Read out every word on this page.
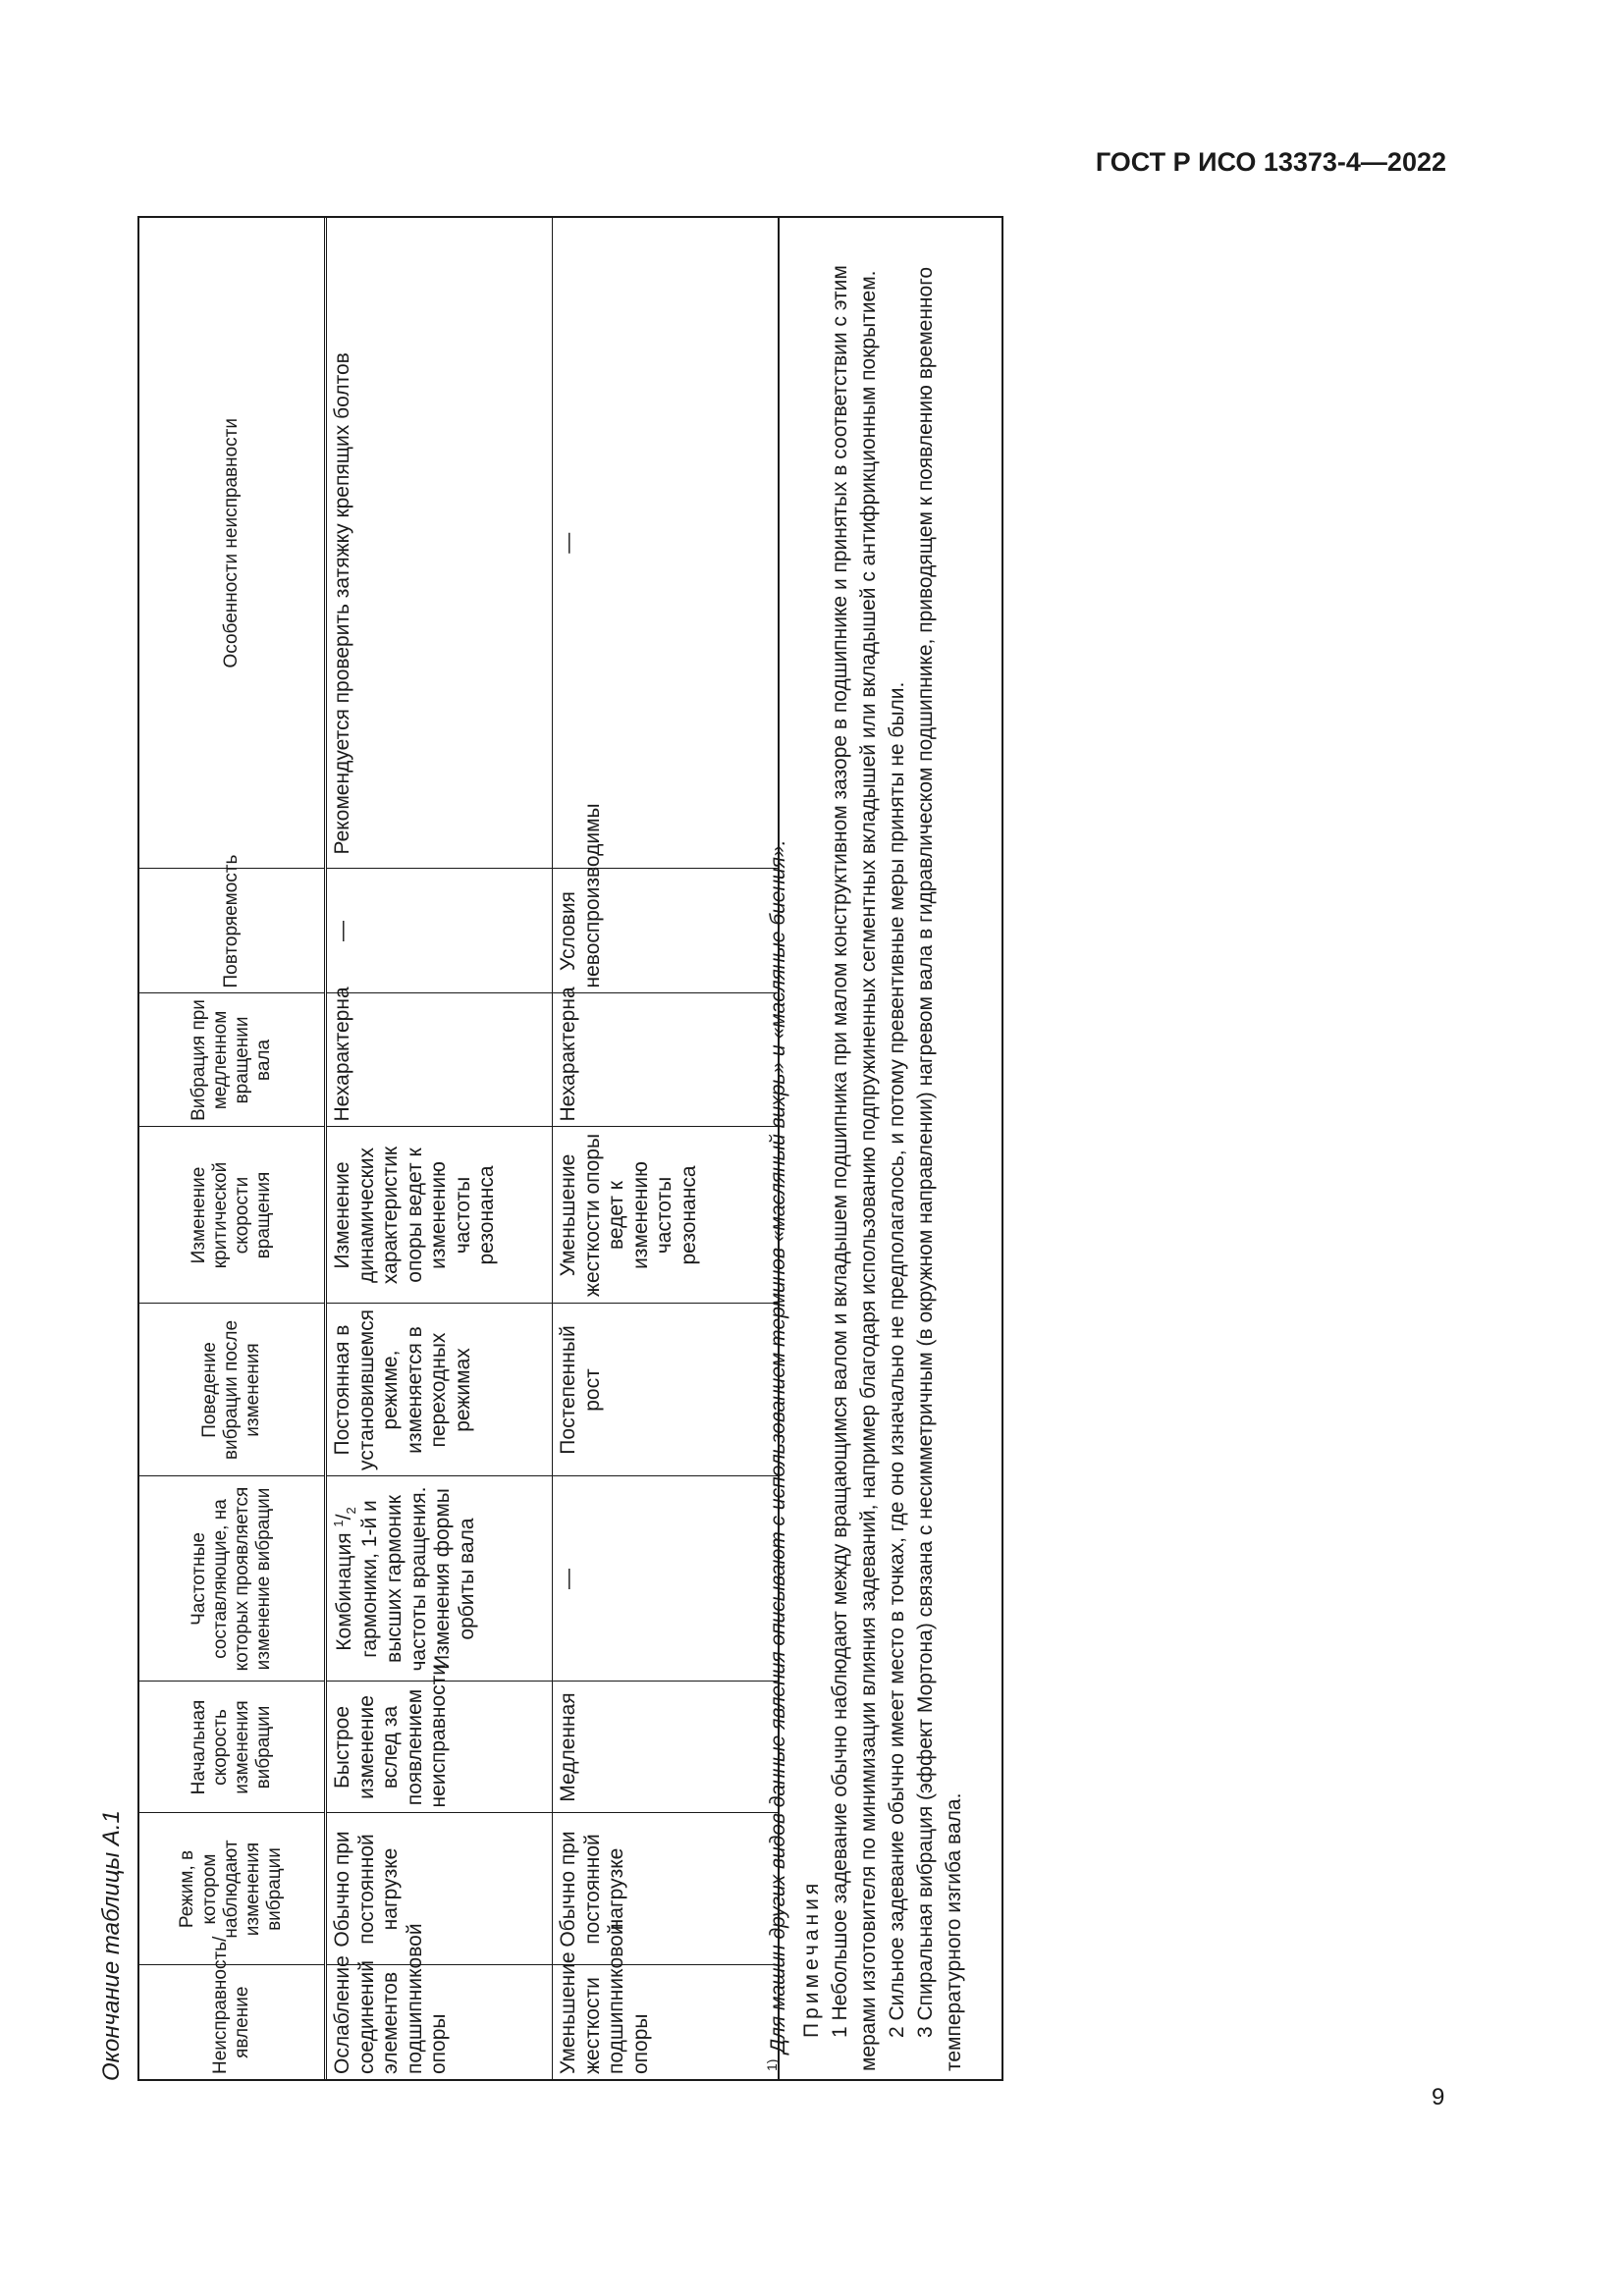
ГОСТ Р ИСО 13373-4—2022
Окончание таблицы А.1	Неисправность/ явление	Режим, в котором наблюдают изменения вибрации	Начальная скорость изменения вибрации	Частотные составляющие, на которых проявляется изменение вибрации	Поведение вибрации после изменения	Изменение критической скорости вращения	Вибрация при медленном вращении вала	Повторяемость	Особенности неисправности
Ослабление соединений элементов подшипниковой опоры	Обычно при постоянной нагрузке	Быстрое изменение вслед за появлением неисправности	Комбинация $^1/_2$ гармоники, 1-й и высших гармоник частоты вращения. Изменения формы орбиты вала	Постоянная в установившемся режиме, изменяется в переходных режимах	Изменение динамических характеристик опоры ведет к изменению частоты резонанса	Нехарактерна	—	Рекомендуется проверить затяжку крепящих болтов
Уменьшение жесткости подшипниковой опоры	Обычно при постоянной нагрузке	Медленная	—	Постепенный рост	Уменьшение жесткости опоры ведет к изменению частоты резонанса	Нехарактерна	Условия невоспроизводимы	—

$^{1)}$ Для машин других видов данные явления описывают с использованием терминов «масляный вихрь» и «масляные биения». Примечания 1 Небольшое задевание обычно наблюдают между вращающимся валом и вкладышем подшипника при малом конструктивном зазоре в подшипнике и принятых в соответствии с этим мерами изготовителя по минимизации влияния задеваний, например благодаря использованию подпружиненных сегментных вкладышей или вкладышей с антифрикционным покрытием. 2 Сильное задевание обычно имеет место в точках, где оно изначально не предполагалось, и потому превентивные меры приняты не были. 3 Спиральная вибрация (эффект Мортона) связана с несимметричным (в окружном направлении) нагревом вала в гидравлическом подшипнике, приводящем к появлению временного температурного изгиба вала.

9
